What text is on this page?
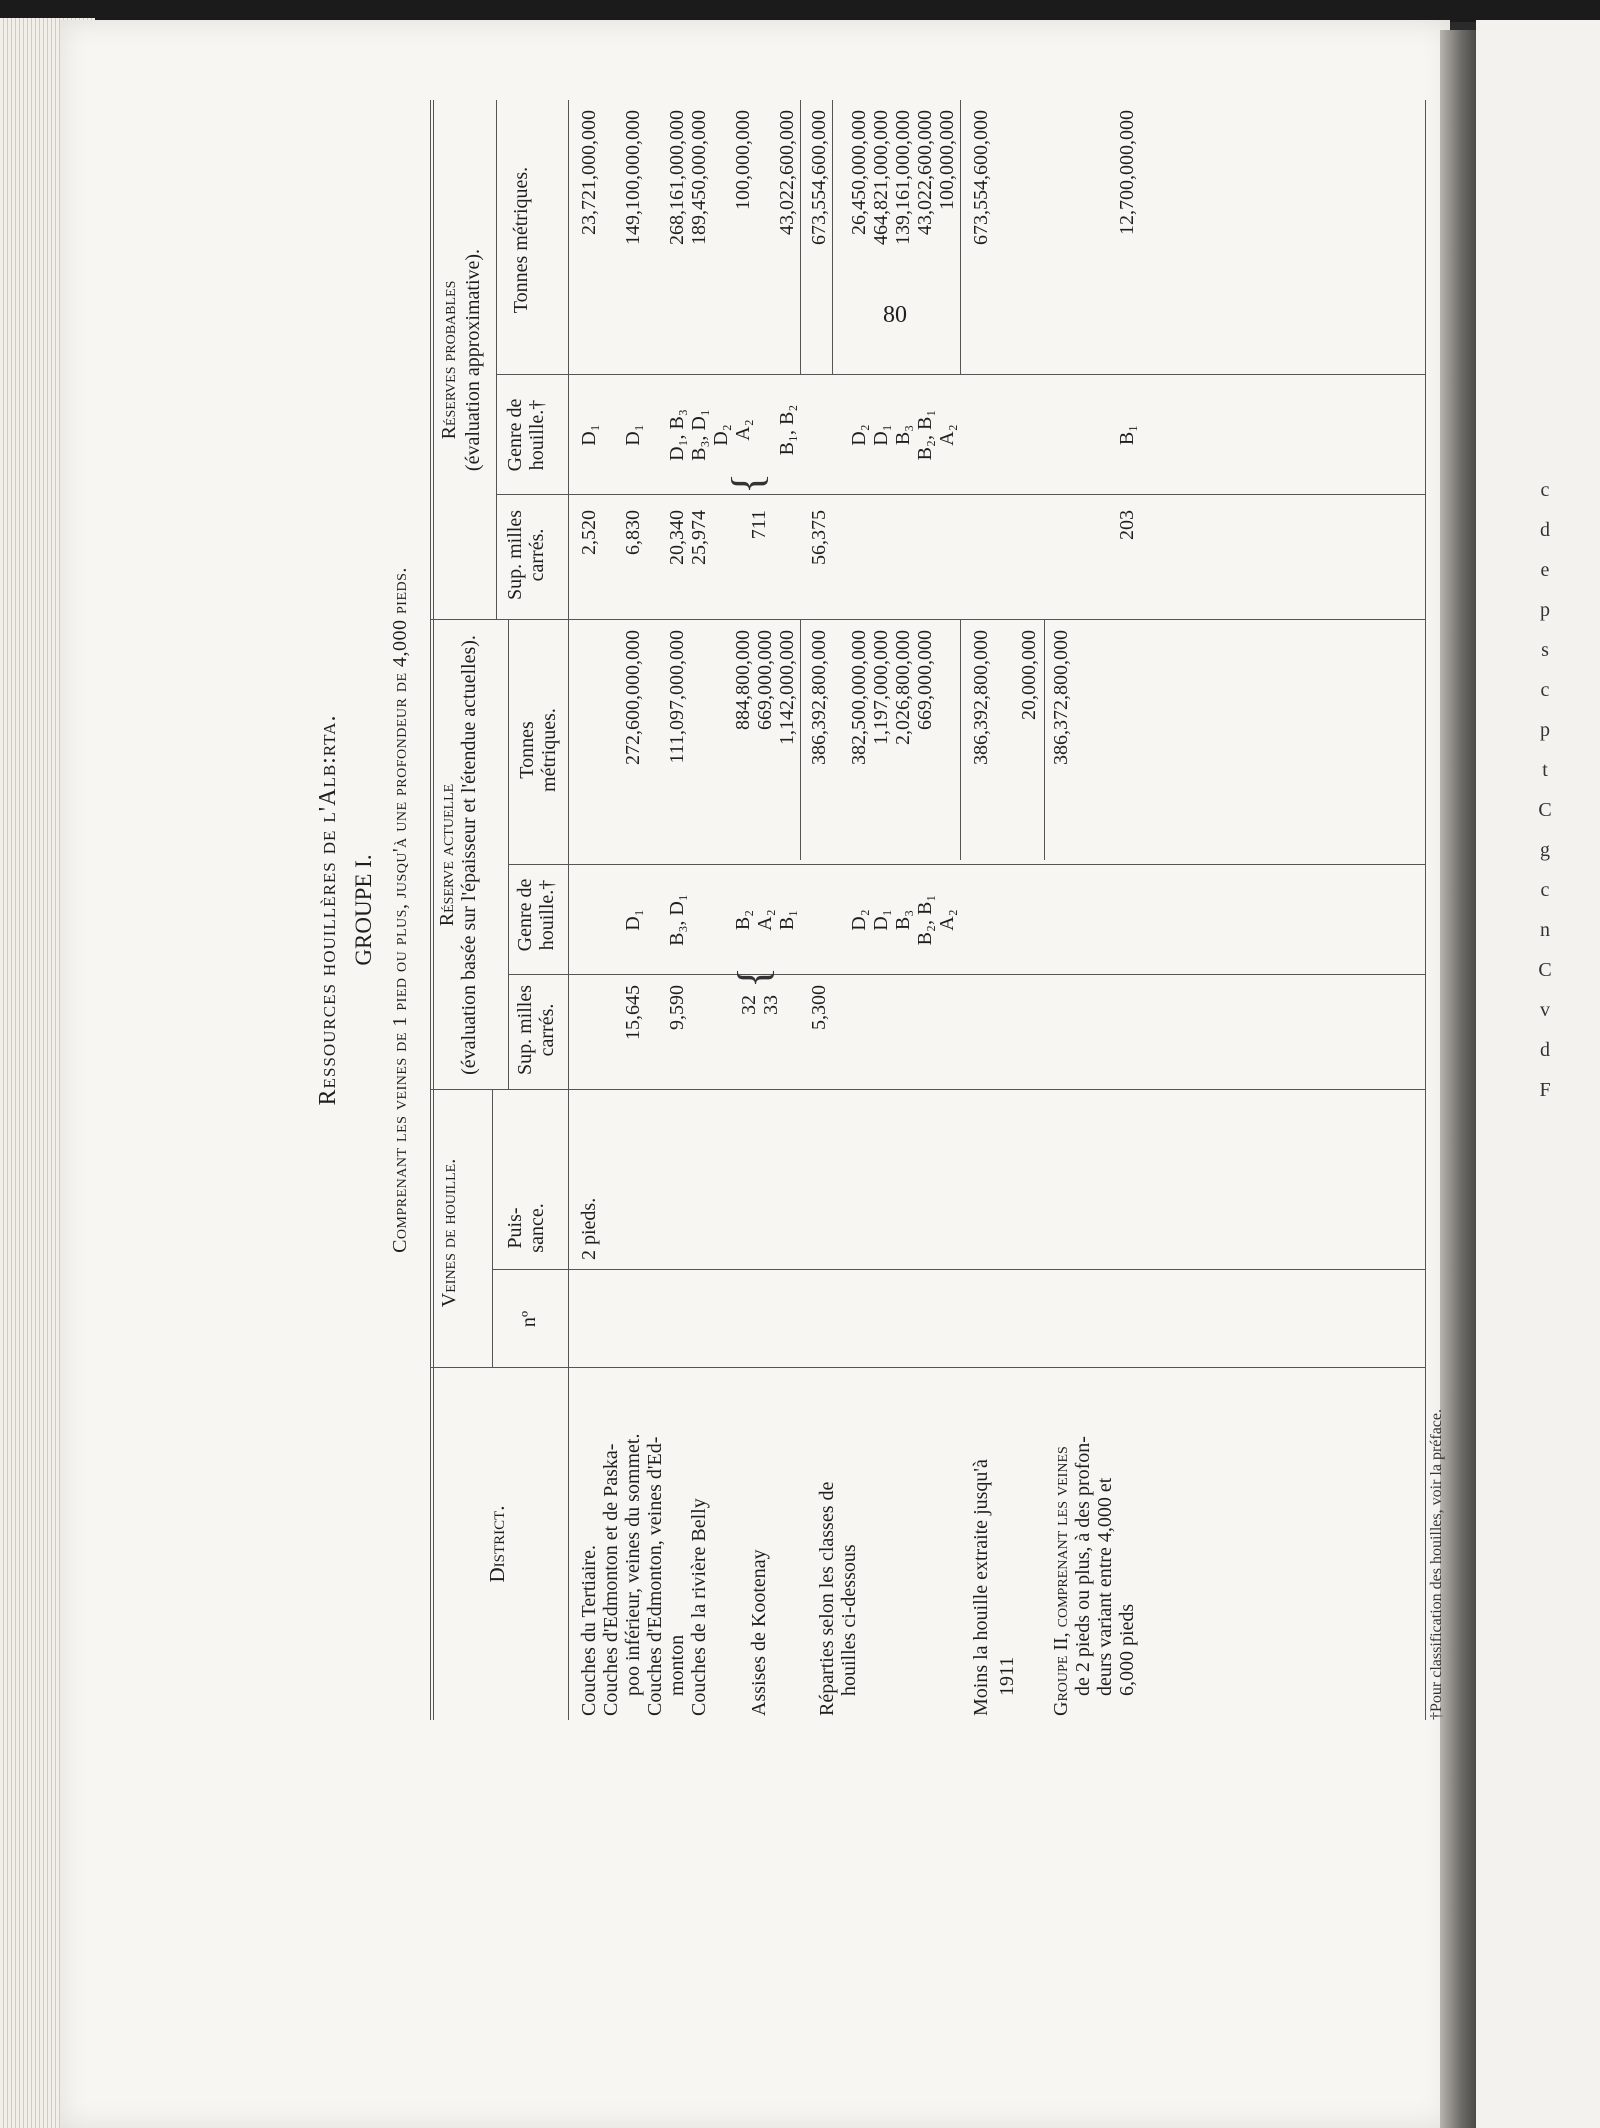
c
d
e
p
s
c
p
t
C
g
c
n
C
v
d
F
80
Ressources houillères de l'Alb:rta. GROUPE I. Comprenant les veines de 1 pied ou plus, jusqu'à une profondeur de 4,000 pieds.
District.
Veines de houille.
nº
Puis-sance.
Réserve actuelle (évaluation basée sur l'épaisseur et l'étendue actuelles). Sup. milles carrés.
Genre de houille.†
Tonnes métriques.
Réserves probables (évaluation approximative).
Sup. milles carrés.
Genre de houille.†
Tonnes métriques.
Couches du Tertiaire.
2 pieds.
2,520
D₁
23,721,000,000
Couches d'Edmonton et de Paska- poo inférieur, veines du sommet.
15,645
D₁
272,600,000,000
6,830
D₁
149,100,000,000
Couches d'Edmonton, veines d'Ed- monton
9,590
B₃, D₁
111,097,000,000
20,340
D₁, B₃
268,161,000,000
Couches de la rivière Belly
25,974
B₃, D₁
189,450,000,000
D₂
Assises de Kootenay
32 33
{
B₂ A₂ B₁
884,800,000 669,000,000 1,142,000,000
711
{
A₂ B₁, B₂
100,000,000 43,022,600,000
Réparties selon les classes de houilles ci-dessous
5,300
386,392,800,000
56,375
673,554,600,000
D₂ D₁ B₃ B₂, B₁ A₂
382,500,000,000 1,197,000,000 2,026,800,000 669,000,000
D₂ D₁ B₃ B₂, B₁ A₂
26,450,000,000 464,821,000,000 139,161,000,000 43,022,600,000 100,000,000
Moins la houille extraite jusqu'à 1911
386,392,800,000
673,554,600,000
20,000,000 386,372,800,000
Groupe II, comprenant les veines de 2 pieds ou plus, à des profon- deurs variant entre 4,000 et 6,000 pieds
203
B₁
12,700,000,000
†Pour classification des houilles, voir la préface.
